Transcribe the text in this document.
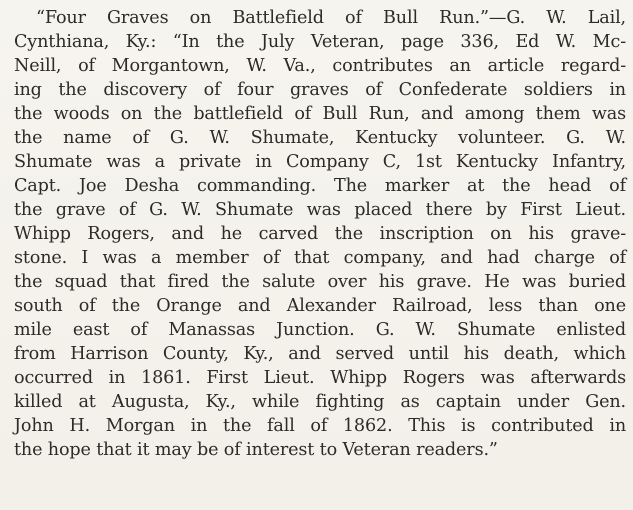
“Four Graves on Battlefield of Bull Run.”—G. W. Lail,
Cynthiana, Ky.: “In the July Veteran, page 336, Ed W. Mc-
Neill, of Morgantown, W. Va., contributes an article regard-
ing the discovery of four graves of Confederate soldiers in
the woods on the battlefield of Bull Run, and among them was
the name of G. W. Shumate, Kentucky volunteer. G. W.
Shumate was a private in Company C, 1st Kentucky Infantry,
Capt. Joe Desha commanding. The marker at the head of
the grave of G. W. Shumate was placed there by First Lieut.
Whipp Rogers, and he carved the inscription on his grave-
stone. I was a member of that company, and had charge of
the squad that fired the salute over his grave. He was buried
south of the Orange and Alexander Railroad, less than one
mile east of Manassas Junction. G. W. Shumate enlisted
from Harrison County, Ky., and served until his death, which
occurred in 1861. First Lieut. Whipp Rogers was afterwards
killed at Augusta, Ky., while fighting as captain under Gen.
John H. Morgan in the fall of 1862. This is contributed in
the hope that it may be of interest to Veteran readers.”
